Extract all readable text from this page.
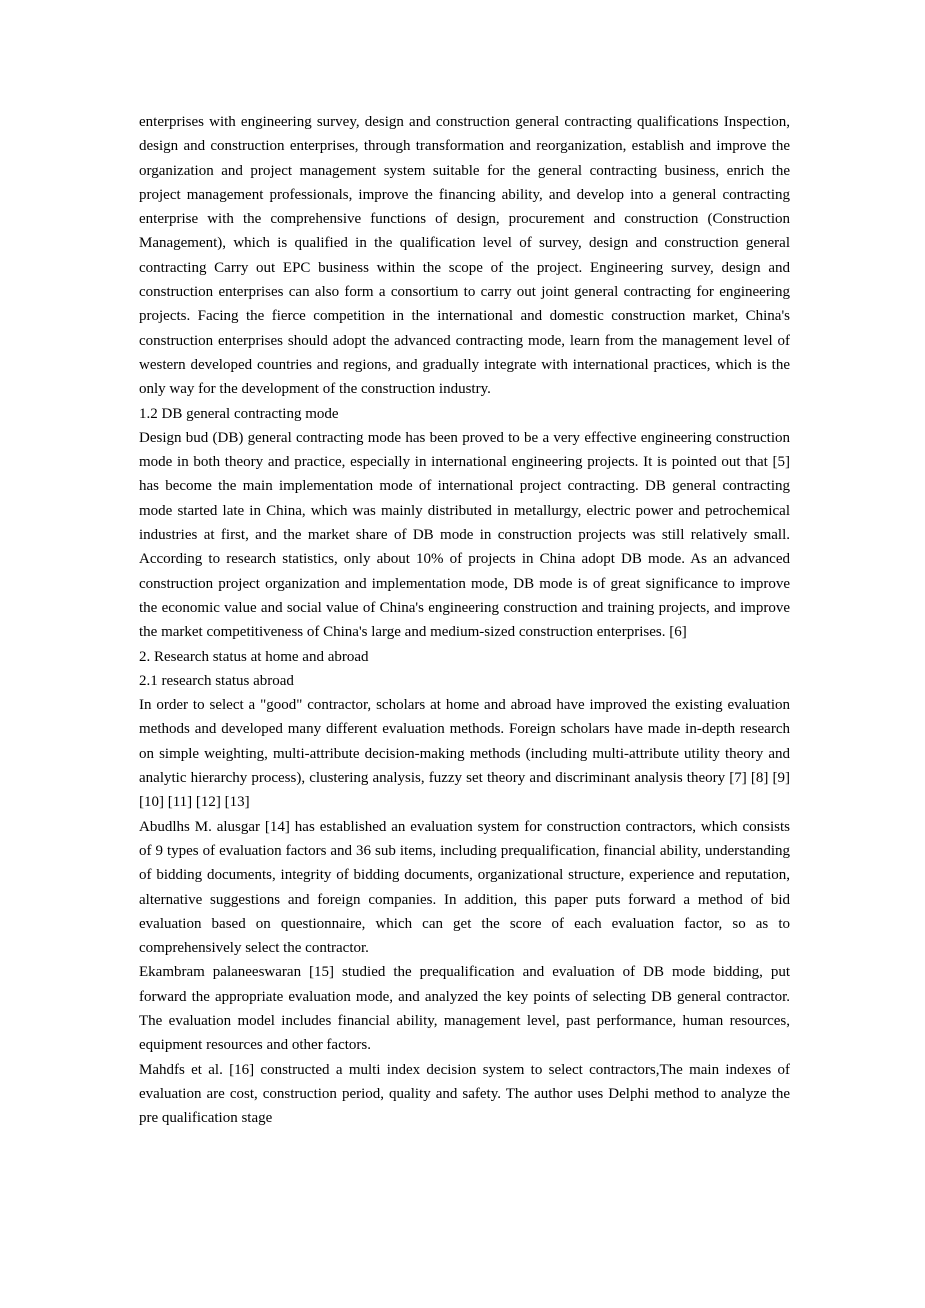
enterprises with engineering survey, design and construction general contracting qualifications Inspection, design and construction enterprises, through transformation and reorganization, establish and improve the organization and project management system suitable for the general contracting business, enrich the project management professionals, improve the financing ability, and develop into a general contracting enterprise with the comprehensive functions of design, procurement and construction (Construction Management), which is qualified in the qualification level of survey, design and construction general contracting Carry out EPC business within the scope of the project. Engineering survey, design and construction enterprises can also form a consortium to carry out joint general contracting for engineering projects. Facing the fierce competition in the international and domestic construction market, China's construction enterprises should adopt the advanced contracting mode, learn from the management level of western developed countries and regions, and gradually integrate with international practices, which is the only way for the development of the construction industry.

1.2 DB general contracting mode

Design bud (DB) general contracting mode has been proved to be a very effective engineering construction mode in both theory and practice, especially in international engineering projects. It is pointed out that [5] has become the main implementation mode of international project contracting. DB general contracting mode started late in China, which was mainly distributed in metallurgy, electric power and petrochemical industries at first, and the market share of DB mode in construction projects was still relatively small. According to research statistics, only about 10% of projects in China adopt DB mode. As an advanced construction project organization and implementation mode, DB mode is of great significance to improve the economic value and social value of China's engineering construction and training projects, and improve the market competitiveness of China's large and medium-sized construction enterprises. [6]

2. Research status at home and abroad

2.1 research status abroad

In order to select a "good" contractor, scholars at home and abroad have improved the existing evaluation methods and developed many different evaluation methods. Foreign scholars have made in-depth research on simple weighting, multi-attribute decision-making methods (including multi-attribute utility theory and analytic hierarchy process), clustering analysis, fuzzy set theory and discriminant analysis theory [7] [8] [9] [10] [11] [12] [13]

Abudlhs M. alusgar [14] has established an evaluation system for construction contractors, which consists of 9 types of evaluation factors and 36 sub items, including prequalification, financial ability, understanding of bidding documents, integrity of bidding documents, organizational structure, experience and reputation, alternative suggestions and foreign companies. In addition, this paper puts forward a method of bid evaluation based on questionnaire, which can get the score of each evaluation factor, so as to comprehensively select the contractor.

Ekambram palaneeswaran [15] studied the prequalification and evaluation of DB mode bidding, put forward the appropriate evaluation mode, and analyzed the key points of selecting DB general contractor. The evaluation model includes financial ability, management level, past performance, human resources, equipment resources and other factors.

Mahdfs et al. [16] constructed a multi index decision system to select contractors,The main indexes of evaluation are cost, construction period, quality and safety. The author uses Delphi method to analyze the pre qualification stage
